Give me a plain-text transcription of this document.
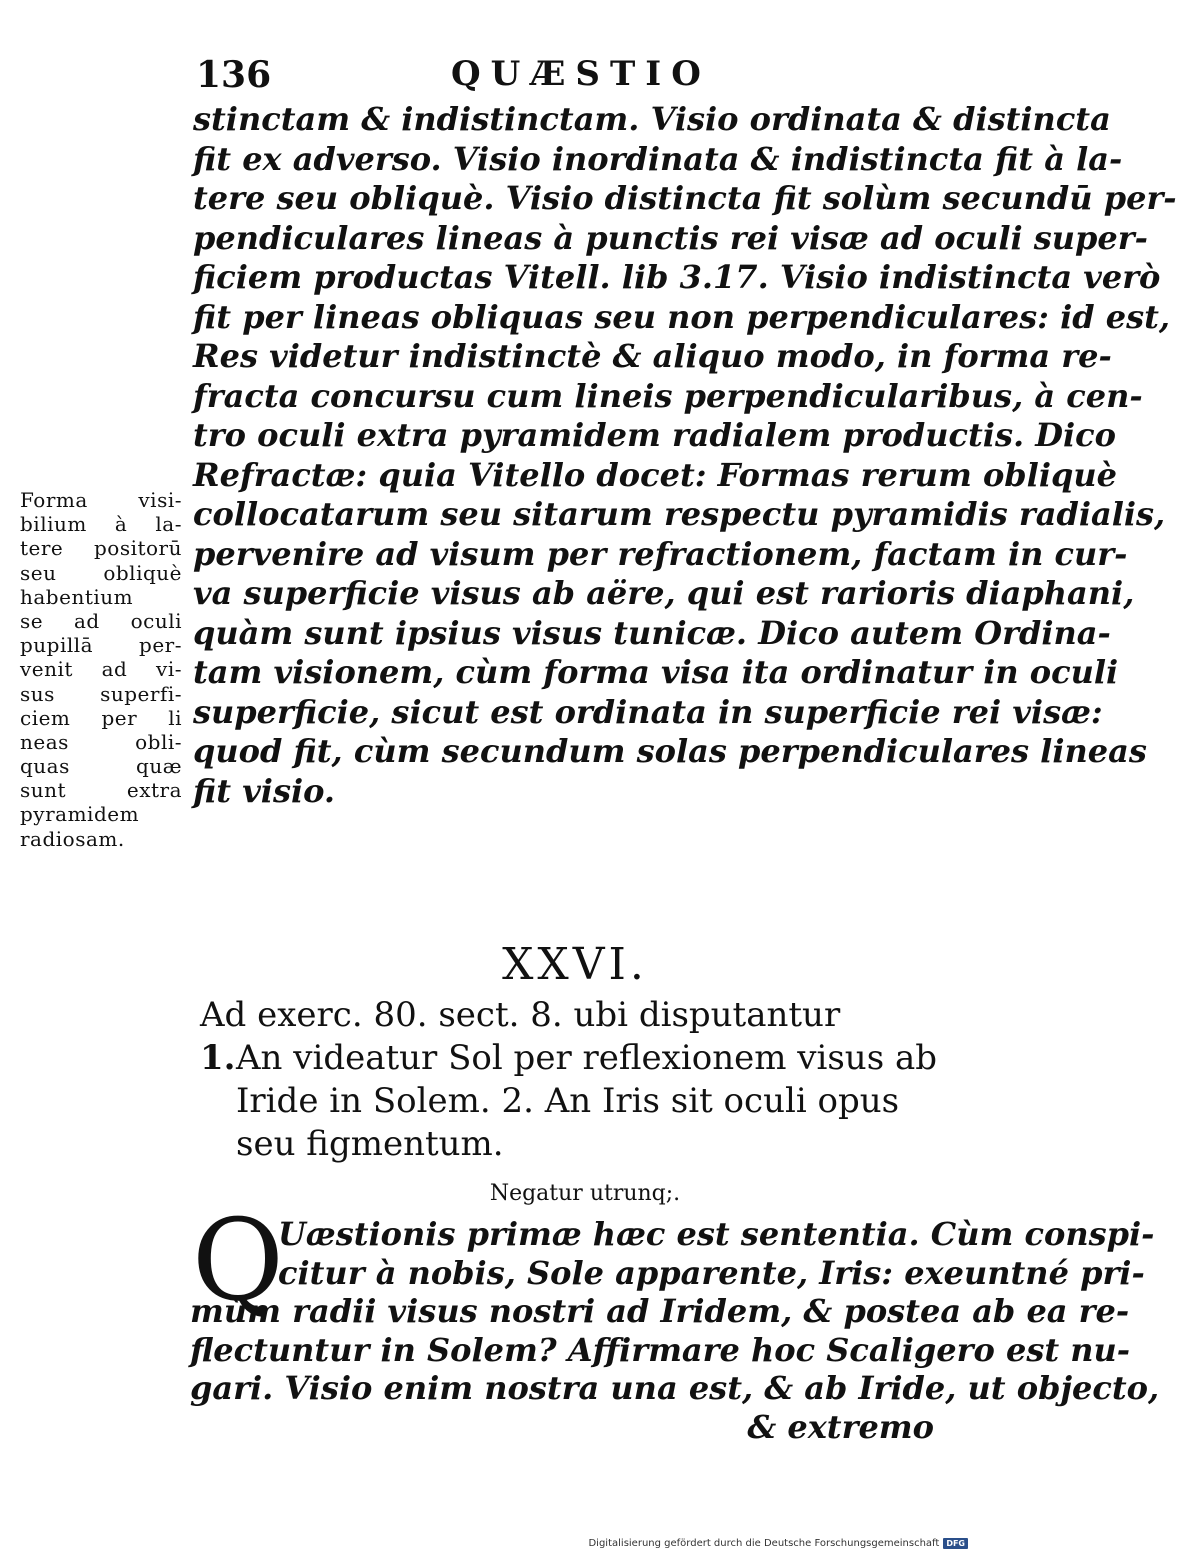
136	QUÆSTIO
stinctam & indistinctam. Visio ordinata & distincta
fit ex adverso. Visio inordinata & indistincta fit à la-
tere seu obliquè. Visio distincta fit solùm secundū per-
pendiculares lineas à punctis rei visæ ad oculi super-
ficiem productas Vitell. lib 3.17. Visio indistincta verò
fit per lineas obliquas seu non perpendiculares: id est,
Res videtur indistinctè & aliquo modo, in forma re-
fracta concursu cum lineis perpendicularibus, à cen-
tro oculi extra pyramidem radialem productis. Dico
Refractæ: quia Vitello docet: Formas rerum obliquè
collocatarum seu sitarum respectu pyramidis radialis,
pervenire ad visum per refractionem, factam in cur-
va superficie visus ab aëre, qui est rarioris diaphani,
quàm sunt ipsius visus tunicæ. Dico autem Ordina-
tam visionem, cùm forma visa ita ordinatur in oculi
superficie, sicut est ordinata in superficie rei visæ:
quod fit, cùm secundum solas perpendiculares lineas
fit visio.
Forma visi-
bilium à la-
tere positorū
seu obliquè
habentium
se ad oculi
pupillā per-
venit ad vi-
sus superfi-
ciem per li
neas obli-
quas quæ
sunt extra
pyramidem
radiosam.
XXVI.
Ad exerc. 80. sect. 8. ubi disputantur
1.An videatur Sol per reflexionem visus ab
Iride in Solem. 2. An Iris sit oculi opus
seu figmentum.
Negatur utrunq;.
Q
Uæstionis primæ hæc est sententia. Cùm conspi-
citur à nobis, Sole apparente, Iris: exeuntné pri-
mùm radii visus nostri ad Iridem, & postea ab ea re-
flectuntur in Solem? Affirmare hoc Scaligero est nu-
gari. Visio enim nostra una est, & ab Iride, ut objecto,
& extremo
Digitalisierung gefördert durch die Deutsche Forschungsgemeinschaft DFG
